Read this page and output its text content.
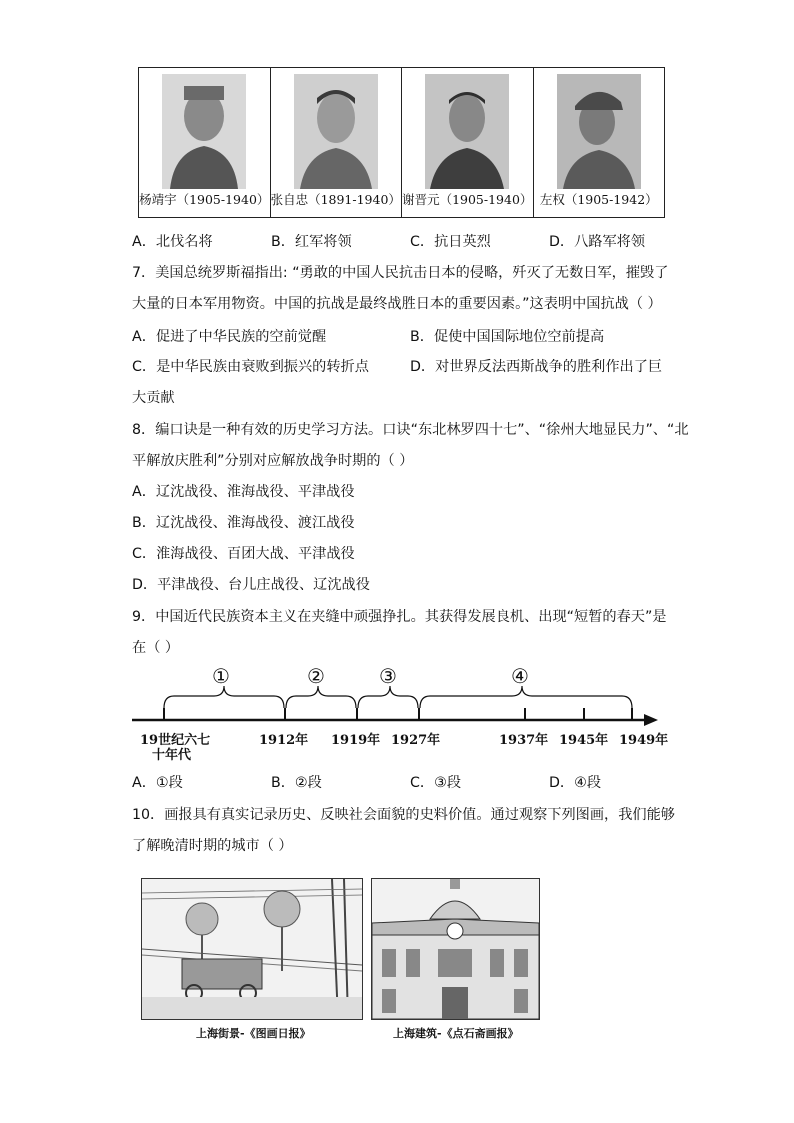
杨靖宇（1905-1940） 张自忠（1891-1940） 谢晋元（1905-1940） 左权（1905-1942）
A．北伐名将	B．红军将领	C．抗日英烈	D．八路军将领
7．美国总统罗斯福指出: “勇敢的中国人民抗击日本的侵略，歼灭了无数日军，摧毁了
大量的日本军用物资。中国的抗战是最终战胜日本的重要因素。”这表明中国抗战（ ）
A．促进了中华民族的空前觉醒	B．促使中国国际地位空前提高
C．是中华民族由衰败到振兴的转折点	D．对世界反法西斯战争的胜利作出了巨
大贡献
8．编口诀是一种有效的历史学习方法。口诀“东北林罗四十七”、“徐州大地显民力”、“北
平解放庆胜利”分别对应解放战争时期的（ ）
A．辽沈战役、淮海战役、平津战役
B．辽沈战役、淮海战役、渡江战役
C．淮海战役、百团大战、平津战役
D．平津战役、台儿庄战役、辽沈战役
9．中国近代民族资本主义在夹缝中顽强挣扎。其获得发展良机、出现“短暂的春天”是
在（ ）
①	②	③	④
19世纪六七
十年代
1912年 1919年 1927年	1937年 1945年 1949年
A．①段	B．②段	C．③段	D．④段
10．画报具有真实记录历史、反映社会面貌的史料价值。通过观察下列图画，我们能够
了解晚清时期的城市（ ）
上海街景-《图画日报》	上海建筑-《点石斋画报》
